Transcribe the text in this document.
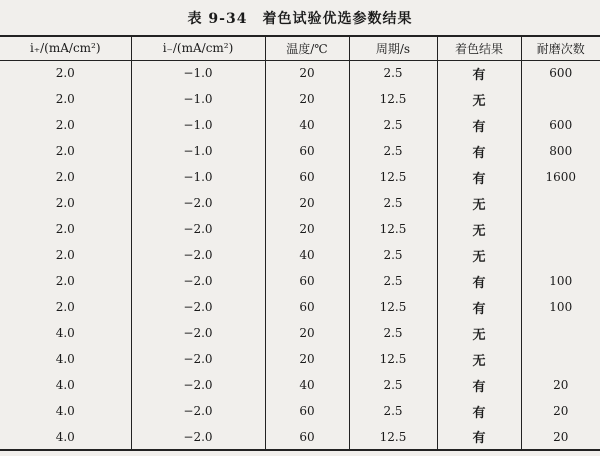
表 9-34　着色试验优选参数结果
i₊/(mA/cm²)	i₋/(mA/cm²)	温度/℃	周期/s	着色结果	耐磨次数
2.0	−1.0	20	2.5	有	600
2.0	−1.0	20	12.5	无	
2.0	−1.0	40	2.5	有	600
2.0	−1.0	60	2.5	有	800
2.0	−1.0	60	12.5	有	1600
2.0	−2.0	20	2.5	无	
2.0	−2.0	20	12.5	无	
2.0	−2.0	40	2.5	无	
2.0	−2.0	60	2.5	有	100
2.0	−2.0	60	12.5	有	100
4.0	−2.0	20	2.5	无	
4.0	−2.0	20	12.5	无	
4.0	−2.0	40	2.5	有	20
4.0	−2.0	60	2.5	有	20
4.0	−2.0	60	12.5	有	20
